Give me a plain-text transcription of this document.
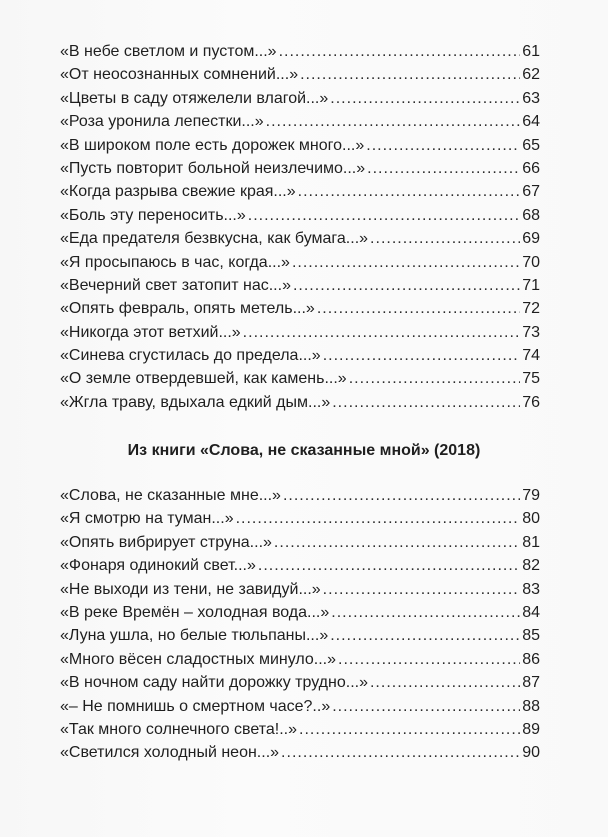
«В небе светлом и пустом...» .....	61
«От неосознанных сомнений...» .....	62
«Цветы в саду отяжелели влагой...» .....	63
«Роза уронила лепестки...» .....	64
«В широком поле есть дорожек много...» .....	65
«Пусть повторит больной неизлечимо...» .....	66
«Когда разрыва свежие края...» .....	67
«Боль эту переносить...» .....	68
«Еда предателя безвкусна, как бумага...» .....	69
«Я просыпаюсь в час, когда...» .....	70
«Вечерний свет затопит нас...» .....	71
«Опять февраль, опять метель...» .....	72
«Никогда этот ветхий...» .....	73
«Синева сгустилась до предела...» .....	74
«О земле отвердевшей, как камень...» .....	75
«Жгла траву, вдыхала едкий дым...» .....	76
Из книги «Слова, не сказанные мной» (2018)
«Слова, не сказанные мне...» .....	79
«Я смотрю на туман...» .....	80
«Опять вибрирует струна...» .....	81
«Фонаря одинокий свет...» .....	82
«Не выходи из тени, не завидуй...» .....	83
«В реке Времён – холодная вода...» .....	84
«Луна ушла, но белые тюльпаны...» .....	85
«Много вёсен сладостных минуло...» .....	86
«В ночном саду найти дорожку трудно...» .....	87
«– Не помнишь о смертном часе?..» .....	88
«Так много солнечного света!..» .....	89
«Светился холодный неон...» .....	90
